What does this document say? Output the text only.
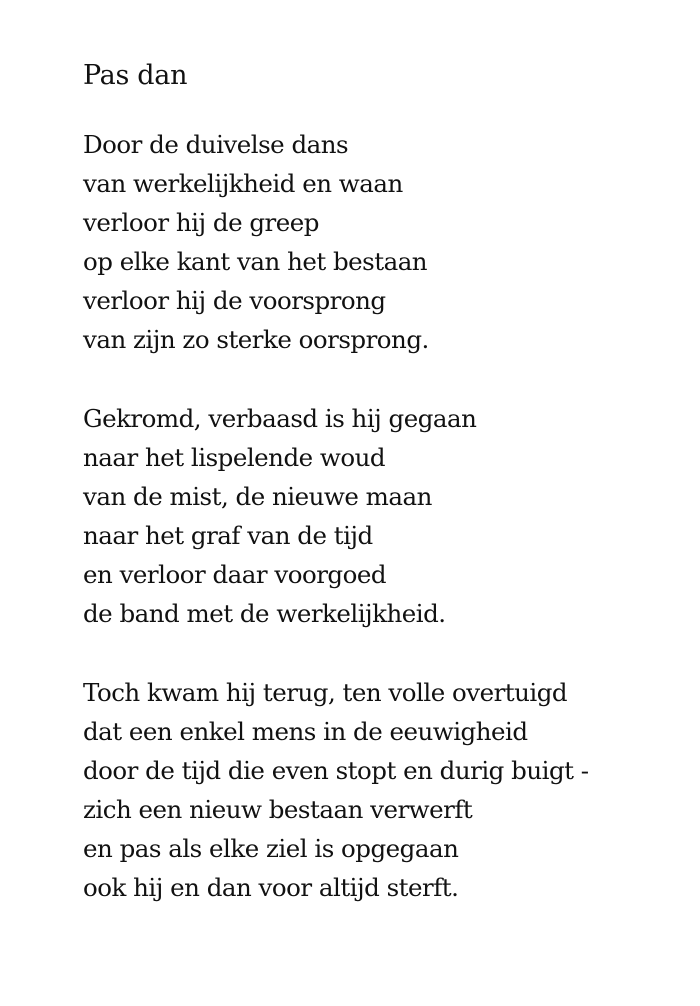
Pas dan
Door de duivelse dans
van werkelijkheid en waan
verloor hij de greep
op elke kant van het bestaan
verloor hij de voorsprong
van zijn zo sterke oorsprong.
Gekromd, verbaasd is hij gegaan
naar het lispelende woud
van de mist, de nieuwe maan
naar het graf van de tijd
en verloor daar voorgoed
de band met de werkelijkheid.
Toch kwam hij terug, ten volle overtuigd
dat een enkel mens in de eeuwigheid
door de tijd die even stopt en durig buigt -
zich een nieuw bestaan verwerft
en pas als elke ziel is opgegaan
ook hij en dan voor altijd sterft.
